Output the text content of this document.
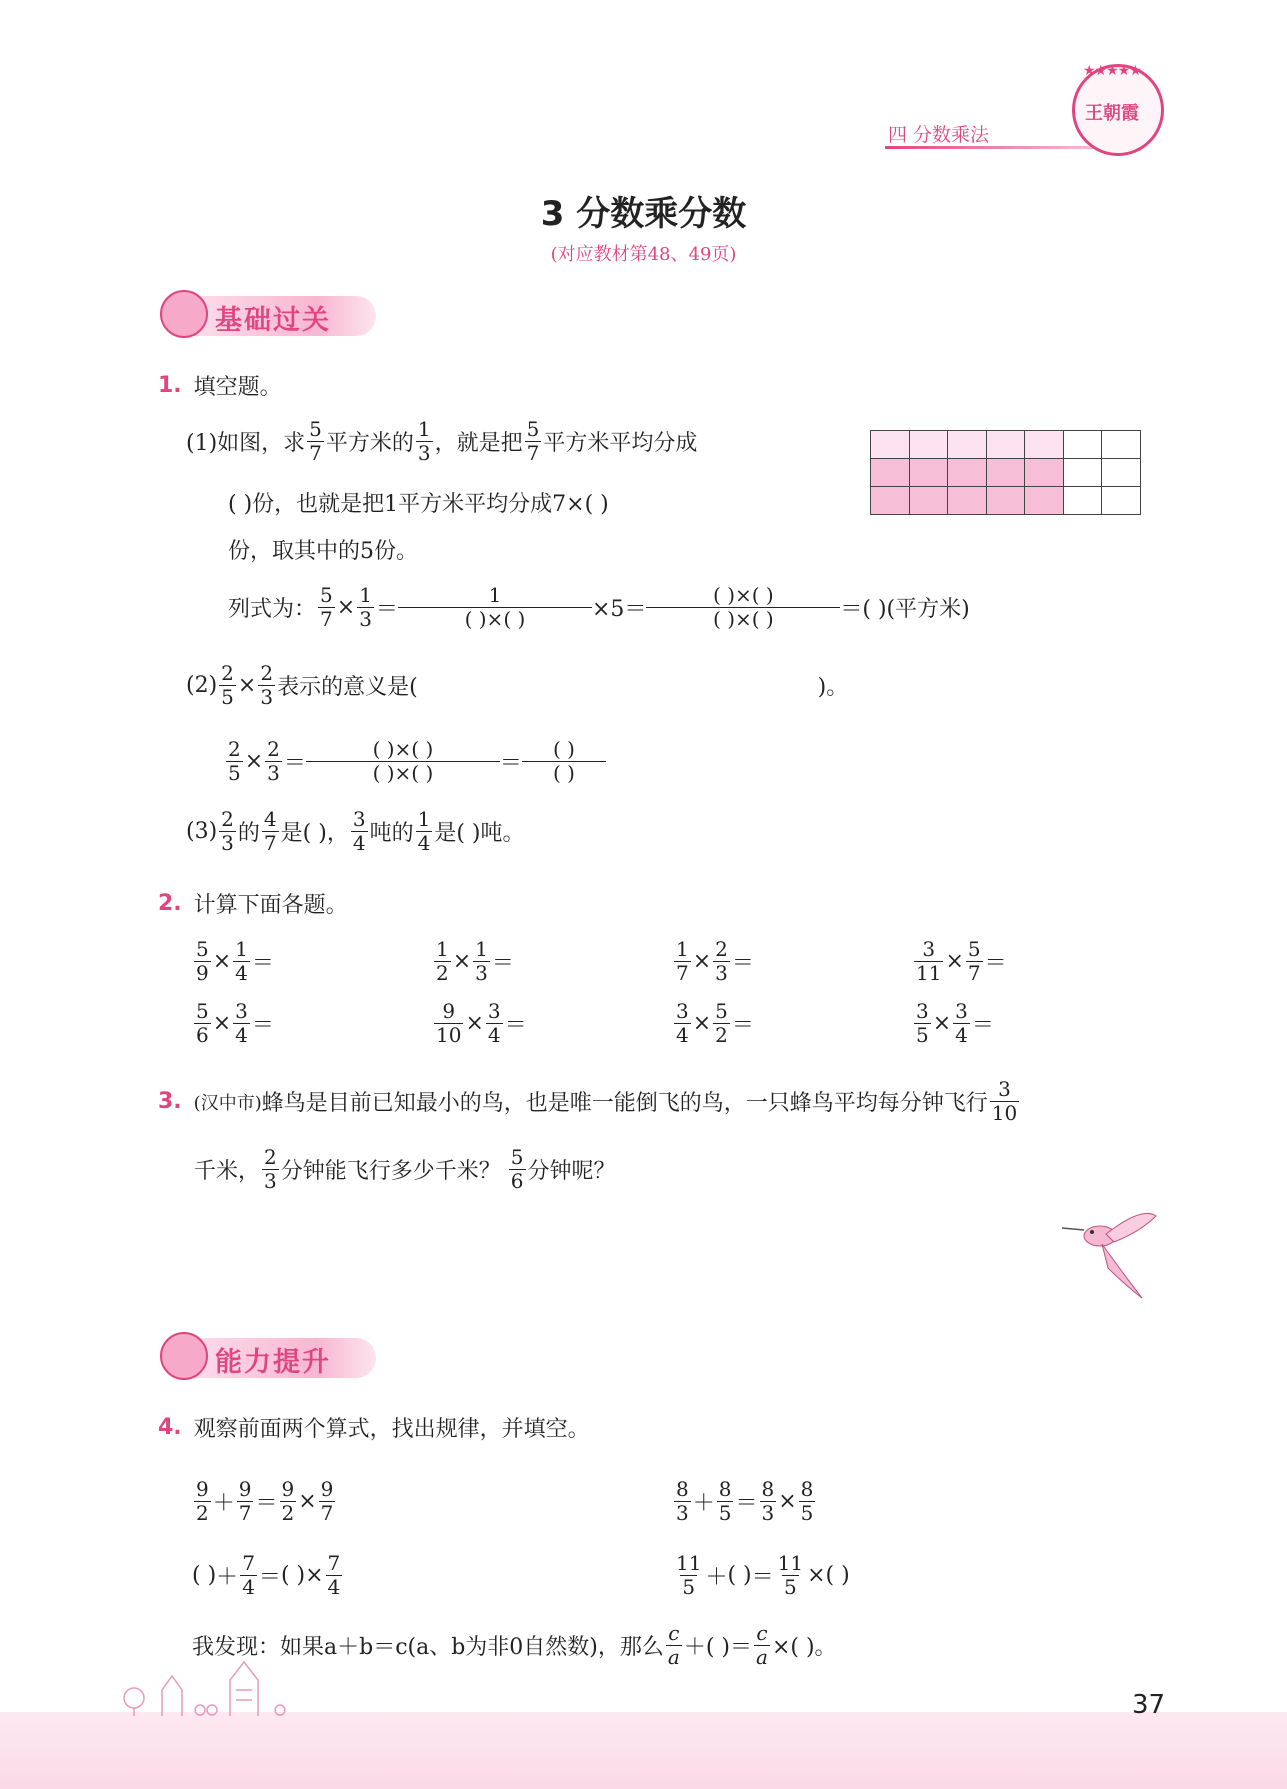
四 分数乘法
★★★★★
王朝霞
3 分数乘分数
(对应教材第48、49页)
基础过关
1. 填空题。
(1)如图，求 $\frac{5}{7}$ 平方米的 $\frac{1}{3}$ ，就是把 $\frac{5}{7}$ 平方米平均分成
( )份，也就是把1平方米平均分成7×( )
份，取其中的5份。
列式为： $\frac{5}{7} \times \frac{1}{3} = \frac{1}{( )\times( )} \times 5= \frac{( )\times( )}{( )\times( )}$ ＝ ( )(平方米)
$(2) \frac{2}{5} \times \frac{2}{3}$ 表示的意义是(	)。
$\frac{2}{5} \times \frac{2}{3} = \frac{( )\times( )}{( )\times( )} = \frac{( )}{( )}$
$(3) \frac{2}{3}$ 的 $\frac{4}{7}$ 是( )， $\frac{3}{4}$ 吨的 $\frac{1}{4}$ 是( )吨。
2. 计算下面各题。
$\frac{5}{9} \times \frac{1}{4}$ ＝	$\frac{1}{2} \times \frac{1}{3}$ ＝	$\frac{1}{7} \times \frac{2}{3}$ ＝	$\frac{3}{11} \times \frac{5}{7}$ ＝
$\frac{5}{6} \times \frac{3}{4}$ ＝	$\frac{9}{10} \times \frac{3}{4}$ ＝	$\frac{3}{4} \times \frac{5}{2}$ ＝	$\frac{3}{5} \times \frac{3}{4}$ ＝
3. (汉中市) 蜂鸟是目前已知最小的鸟，也是唯一能倒飞的鸟，一只蜂鸟平均每分钟飞行 $\frac{3}{10}$
千米， $\frac{2}{3}$ 分钟能飞行多少千米？ $\frac{5}{6}$ 分钟呢？
能力提升
4. 观察前面两个算式，找出规律，并填空。
$\frac{9}{2} + \frac{9}{7} = \frac{9}{2} \times \frac{9}{7}$	$\frac{8}{3} + \frac{8}{5} = \frac{8}{3} \times \frac{8}{5}$
( ) ＋ $\frac{7}{4}$ ＝ ( ) × $\frac{7}{4}$	$\frac{11}{5}$ ＋ ( ) ＝ $\frac{11}{5}$ × ( )
我发现：如果a＋b＝c(a、b为非0自然数)，那么 $\frac{c}{a}$ ＋( )＝ $\frac{c}{a}$ ×( )。
37
